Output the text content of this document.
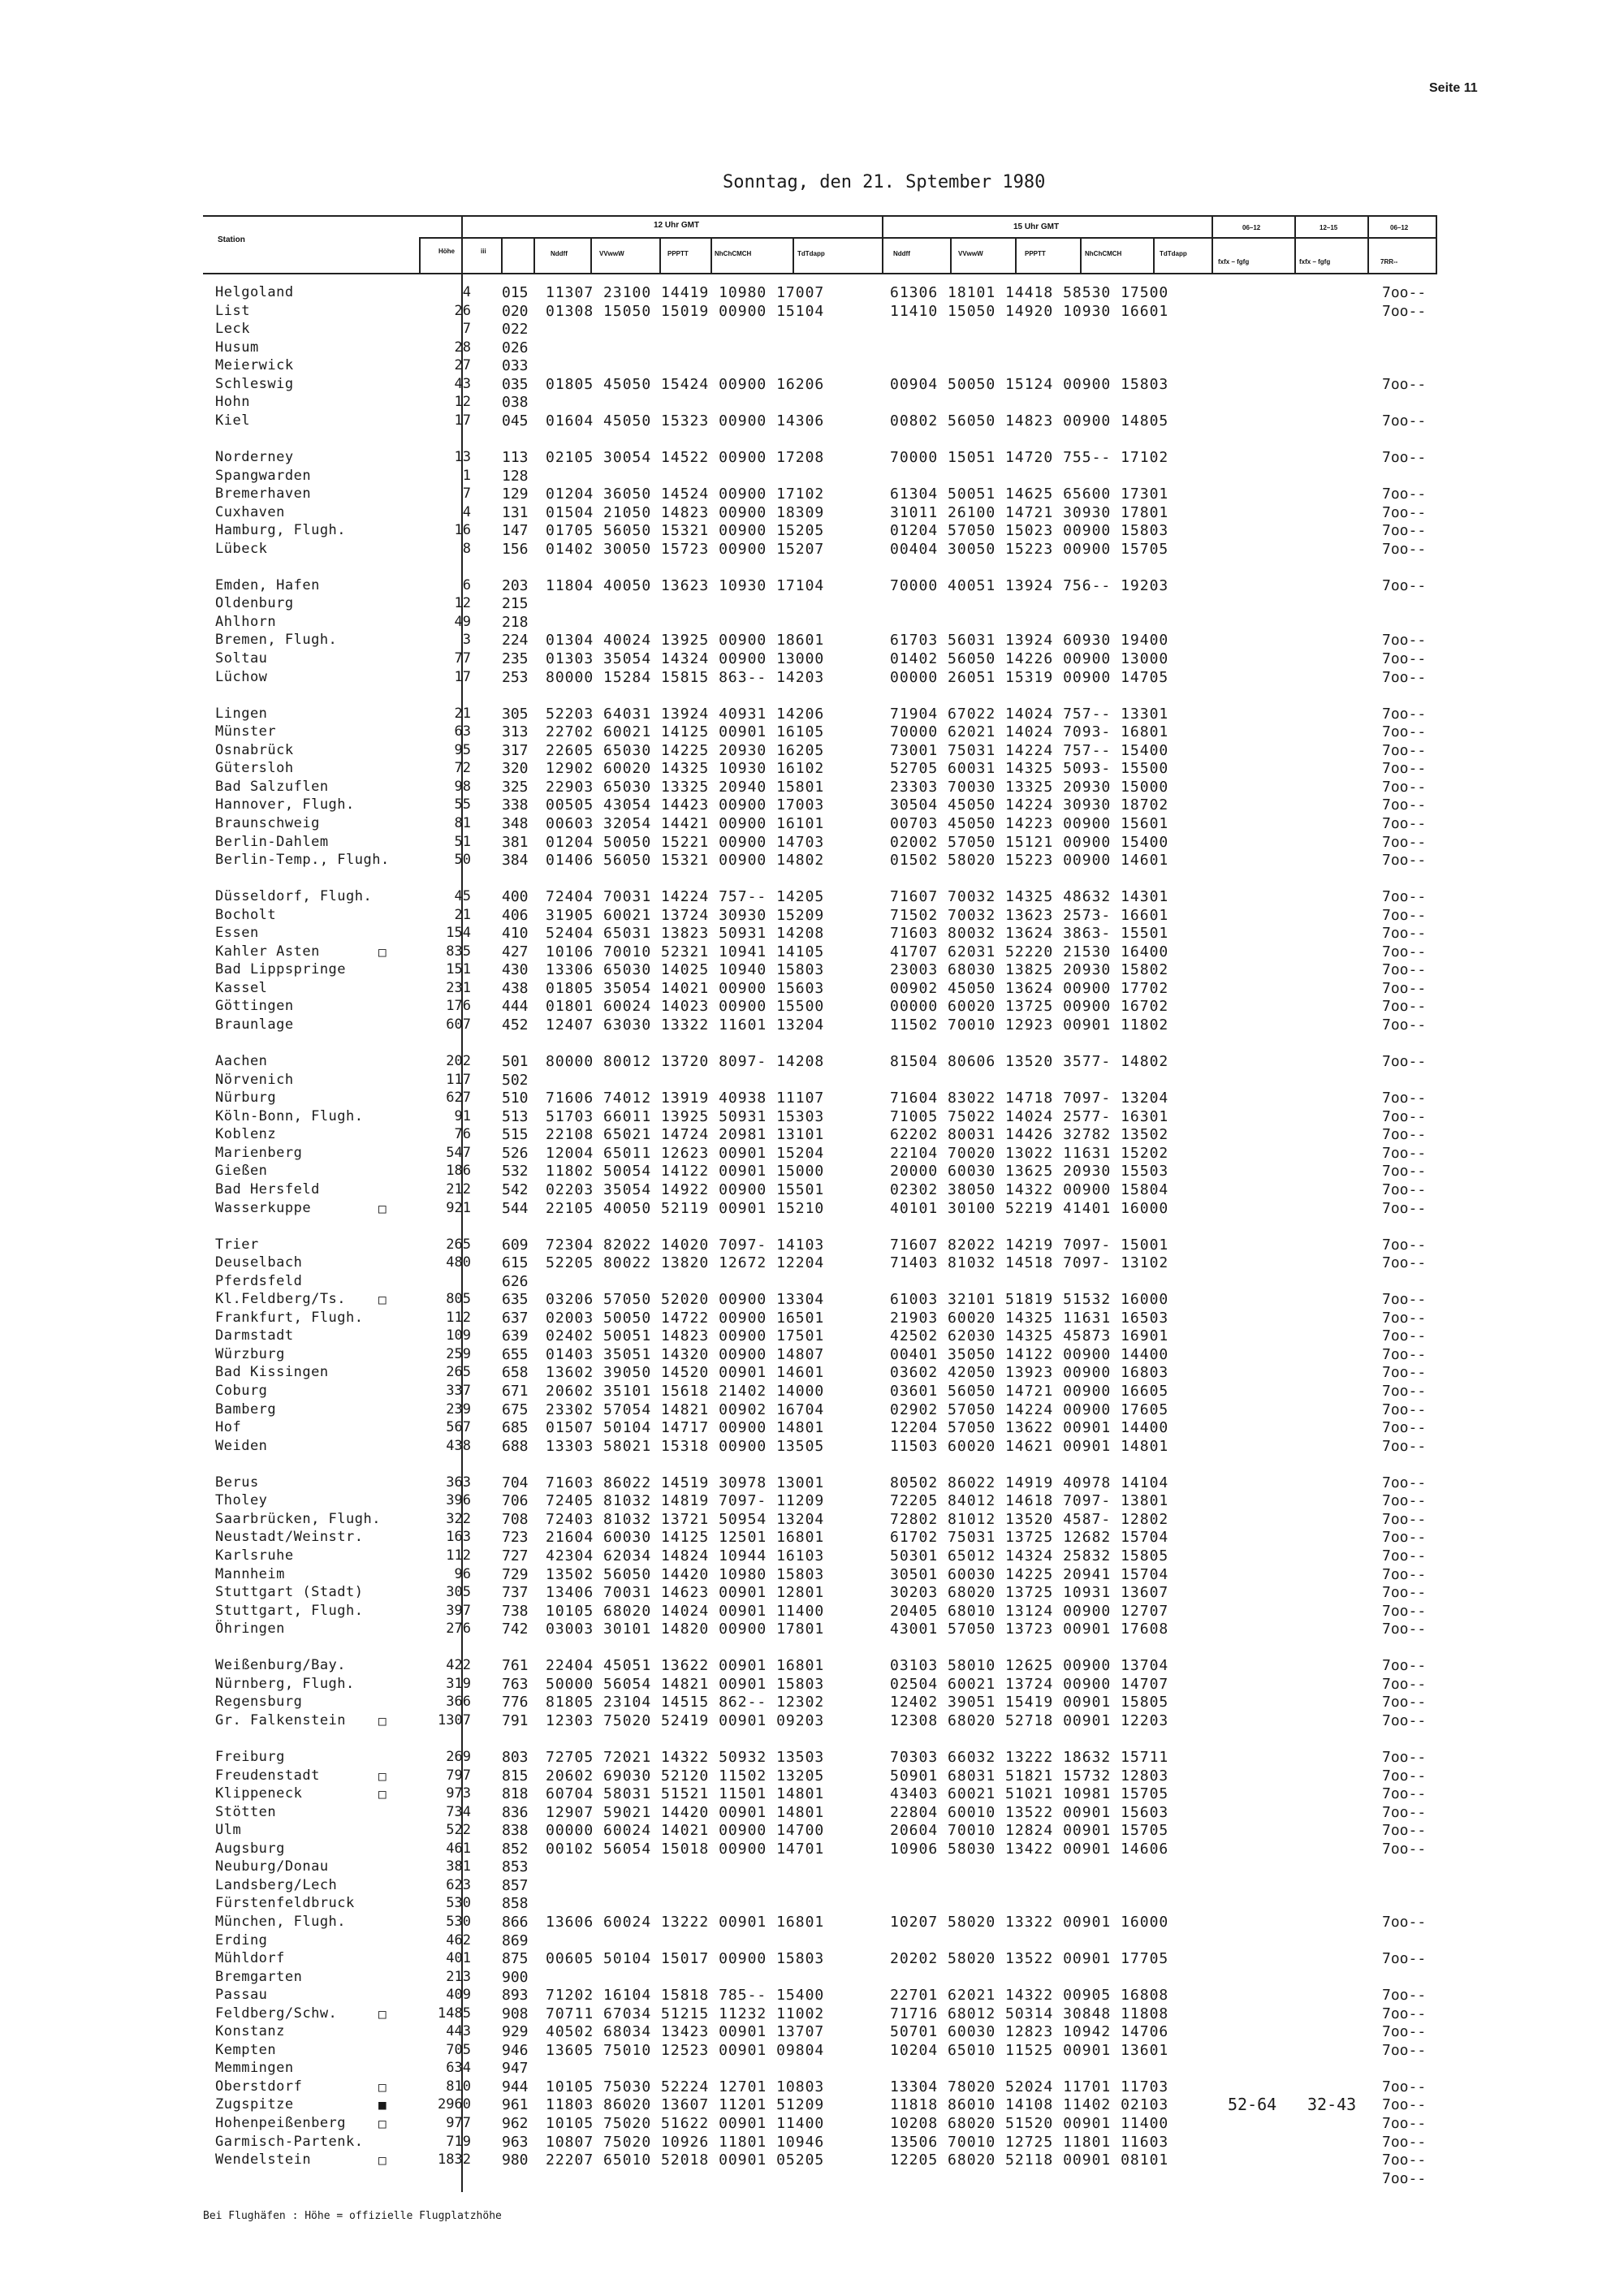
Seite 11
Sonntag, den 21. Sptember 1980
Station
Höhe	iii
12 Uhr GMT	15 Uhr GMT
Nddff	VVwwW	PPPTT	NhChCMCH	TdTdapp	Nddff	VVwwW	PPPTT	NhChCMCH	TdTdapp
06–12	12–15	06–12
fxfx – fgfg	fxfx – fgfg	7RR--
Helgoland	4 015 11307 23100 14419 10980 17007	61306 18101 14418 58530 17500	7oo--
List	26 020 01308 15050 15019 00900 15104	11410 15050 14920 10930 16601	7oo--
Leck	7 022
Husum	28 026
Meierwick	27 033
Schleswig	43 035 01805 45050 15424 00900 16206	00904 50050 15124 00900 15803	7oo--
Hohn	12 038
Kiel	17 045 01604 45050 15323 00900 14306	00802 56050 14823 00900 14805	7oo--
Norderney	13 113 02105 30054 14522 00900 17208	70000 15051 14720 755-- 17102	7oo--
Spangwarden	1 128
Bremerhaven	7 129 01204 36050 14524 00900 17102	61304 50051 14625 65600 17301	7oo--
Cuxhaven	4 131 01504 21050 14823 00900 18309	31011 26100 14721 30930 17801	7oo--
Hamburg, Flugh.	16 147 01705 56050 15321 00900 15205	01204 57050 15023 00900 15803	7oo--
Lübeck	8 156 01402 30050 15723 00900 15207	00404 30050 15223 00900 15705	7oo--
Emden, Hafen	6 203 11804 40050 13623 10930 17104	70000 40051 13924 756-- 19203	7oo--
Oldenburg	12 215
Ahlhorn	49 218
Bremen, Flugh.	3 224 01304 40024 13925 00900 18601	61703 56031 13924 60930 19400	7oo--
Soltau	77 235 01303 35054 14324 00900 13000	01402 56050 14226 00900 13000	7oo--
Lüchow	17 253 80000 15284 15815 863-- 14203	00000 26051 15319 00900 14705	7oo--
Lingen	21 305 52203 64031 13924 40931 14206	71904 67022 14024 757-- 13301	7oo--
Münster	63 313 22702 60021 14125 00901 16105	70000 62021 14024 7093- 16801	7oo--
Osnabrück	95 317 22605 65030 14225 20930 16205	73001 75031 14224 757-- 15400	7oo--
Gütersloh	72 320 12902 60020 14325 10930 16102	52705 60031 14325 5093- 15500	7oo--
Bad Salzuflen	98 325 22903 65030 13325 20940 15801	23303 70030 13325 20930 15000	7oo--
Hannover, Flugh.	55 338 00505 43054 14423 00900 17003	30504 45050 14224 30930 18702	7oo--
Braunschweig	81 348 00603 32054 14421 00900 16101	00703 45050 14223 00900 15601	7oo--
Berlin-Dahlem	51 381 01204 50050 15221 00900 14703	02002 57050 15121 00900 15400	7oo--
Berlin-Temp., Flugh.	50 384 01406 56050 15321 00900 14802	01502 58020 15223 00900 14601	7oo--
Düsseldorf, Flugh.	45 400 72404 70031 14224 757-- 14205	71607 70032 14325 48632 14301	7oo--
Bocholt	21 406 31905 60021 13724 30930 15209	71502 70032 13623 2573- 16601	7oo--
Essen	154 410 52404 65031 13823 50931 14208	71603 80032 13624 3863- 15501	7oo--
Kahler Asten	□	835 427 10106 70010 52321 10941 14105	41707 62031 52220 21530 16400	7oo--
Bad Lippspringe	151 430 13306 65030 14025 10940 15803	23003 68030 13825 20930 15802	7oo--
Kassel	231 438 01805 35054 14021 00900 15603	00902 45050 13624 00900 17702	7oo--
Göttingen	176 444 01801 60024 14023 00900 15500	00000 60020 13725 00900 16702	7oo--
Braunlage	607 452 12407 63030 13322 11601 13204	11502 70010 12923 00901 11802	7oo--
Aachen	202 501 80000 80012 13720 8097- 14208	81504 80606 13520 3577- 14802	7oo--
Nörvenich	117 502
Nürburg	627 510 71606 74012 13919 40938 11107	71604 83022 14718 7097- 13204	7oo--
Köln-Bonn, Flugh.	91 513 51703 66011 13925 50931 15303	71005 75022 14024 2577- 16301	7oo--
Koblenz	76 515 22108 65021 14724 20981 13101	62202 80031 14426 32782 13502	7oo--
Marienberg	547 526 12004 65011 12623 00901 15204	22104 70020 13022 11631 15202	7oo--
Gießen	186 532 11802 50054 14122 00901 15000	20000 60030 13625 20930 15503	7oo--
Bad Hersfeld	212 542 02203 35054 14922 00900 15501	02302 38050 14322 00900 15804	7oo--
Wasserkuppe	□	921 544 22105 40050 52119 00901 15210	40101 30100 52219 41401 16000	7oo--
Trier	265 609 72304 82022 14020 7097- 14103	71607 82022 14219 7097- 15001	7oo--
Deuselbach	480 615 52205 80022 13820 12672 12204	71403 81032 14518 7097- 13102	7oo--
Pferdsfeld	626
Kl.Feldberg/Ts. □	805 635 03206 57050 52020 00900 13304	61003 32101 51819 51532 16000	7oo--
Frankfurt, Flugh.	112 637 02003 50050 14722 00900 16501	21903 60020 14325 11631 16503	7oo--
Darmstadt	109 639 02402 50051 14823 00900 17501	42502 62030 14325 45873 16901	7oo--
Würzburg	259 655 01403 35051 14320 00900 14807	00401 35050 14122 00900 14400	7oo--
Bad Kissingen	265 658 13602 39050 14520 00901 14601	03602 42050 13923 00900 16803	7oo--
Coburg	337 671 20602 35101 15618 21402 14000	03601 56050 14721 00900 16605	7oo--
Bamberg	239 675 23302 57054 14821 00902 16704	02902 57050 14224 00900 17605	7oo--
Hof	567 685 01507 50104 14717 00900 14801	12204 57050 13622 00901 14400	7oo--
Weiden	438 688 13303 58021 15318 00900 13505	11503 60020 14621 00901 14801	7oo--
Berus	363 704 71603 86022 14519 30978 13001	80502 86022 14919 40978 14104	7oo--
Tholey	396 706 72405 81032 14819 7097- 11209	72205 84012 14618 7097- 13801	7oo--
Saarbrücken, Flugh.	322 708 72403 81032 13721 50954 13204	72802 81012 13520 4587- 12802	7oo--
Neustadt/Weinstr.	163 723 21604 60030 14125 12501 16801	61702 75031 13725 12682 15704	7oo--
Karlsruhe	112 727 42304 62034 14824 10944 16103	50301 65012 14324 25832 15805	7oo--
Mannheim	96 729 13502 56050 14420 10980 15803	30501 60030 14225 20941 15704	7oo--
Stuttgart (Stadt)	305 737 13406 70031 14623 00901 12801	30203 68020 13725 10931 13607	7oo--
Stuttgart, Flugh.	397 738 10105 68020 14024 00901 11400	20405 68010 13124 00900 12707	7oo--
Öhringen	276 742 03003 30101 14820 00900 17801	43001 57050 13723 00901 17608	7oo--
Weißenburg/Bay.	422 761 22404 45051 13622 00901 16801	03103 58010 12625 00900 13704	7oo--
Nürnberg, Flugh.	319 763 50000 56054 14821 00901 15803	02504 60021 13724 00900 14707	7oo--
Regensburg	366 776 81805 23104 14515 862-- 12302	12402 39051 15419 00901 15805	7oo--
Gr. Falkenstein □	1307 791 12303 75020 52419 00901 09203	12308 68020 52718 00901 12203	7oo--
Freiburg	269 803 72705 72021 14322 50932 13503	70303 66032 13222 18632 15711	7oo--
Freudenstadt	□	797 815 20602 69030 52120 11502 13205	50901 68031 51821 15732 12803	7oo--
Klippeneck	□	973 818 60704 58031 51521 11501 14801	43403 60021 51021 10981 15705	7oo--
Stötten	734 836 12907 59021 14420 00901 14801	22804 60010 13522 00901 15603	7oo--
Ulm	522 838 00000 60024 14021 00900 14700	20604 70010 12824 00901 15705	7oo--
Augsburg	461 852 00102 56054 15018 00900 14701	10906 58030 13422 00901 14606	7oo--
Neuburg/Donau	381 853
Landsberg/Lech	623 857
Fürstenfeldbruck	530 858
München, Flugh.	530 866 13606 60024 13222 00901 16801	10207 58020 13322 00901 16000	7oo--
Erding	462 869
Mühldorf	401 875 00605 50104 15017 00900 15803	20202 58020 13522 00901 17705	7oo--
Bremgarten	213 900
Passau	409 893 71202 16104 15818 785-- 15400	22701 62021 14322 00905 16808	7oo--
Feldberg/Schw.	□	1485 908 70711 67034 51215 11232 11002	71716 68012 50314 30848 11808	7oo--
Konstanz	443 929 40502 68034 13423 00901 13707	50701 60030 12823 10942 14706	7oo--
Kempten	705 946 13605 75010 12523 00901 09804	10204 65010 11525 00901 13601	7oo--
Memmingen	634 947
Oberstdorf	□	810 944 10105 75030 52224 12701 10803	13304 78020 52024 11701 11703	7oo--
Zugspitze	■	2960 961 11803 86020 13607 11201 51209	11818 86010 14108 11402 02103	52-64 32-43 7oo--
Hohenpeißenberg □	977 962 10105 75020 51622 00901 11400	10208 68020 51520 00901 11400	7oo--
Garmisch-Partenk.	719 963 10807 75020 10926 11801 10946	13506 70010 12725 11801 11603	7oo--
Wendelstein	□	1832 980 22207 65010 52018 00901 05205	12205 68020 52118 00901 08101	7oo--
7oo--
Bei Flughäfen : Höhe = offizielle Flugplatzhöhe
